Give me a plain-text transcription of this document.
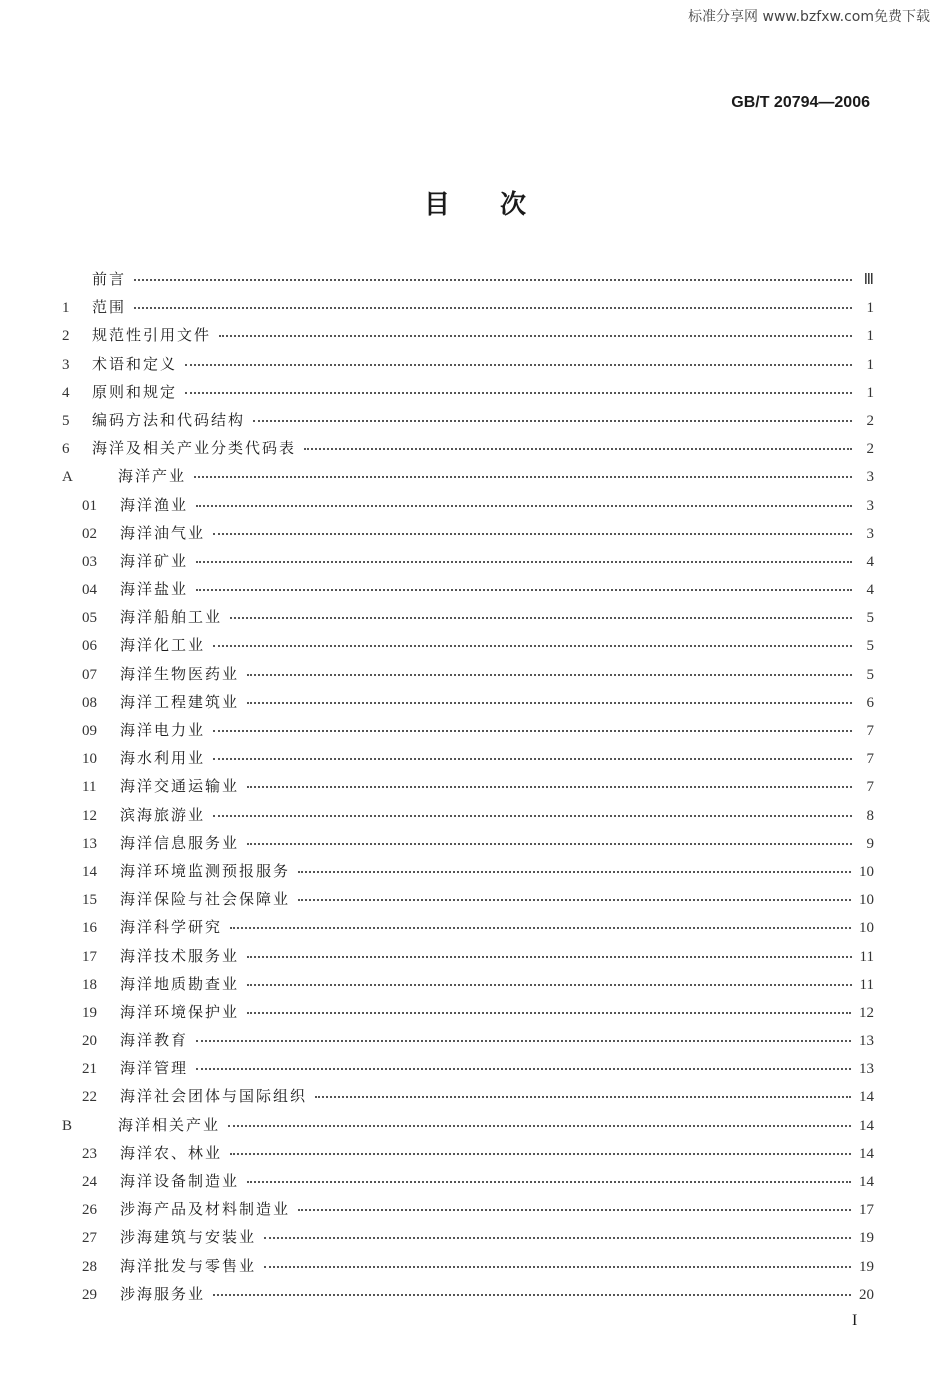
标准分享网 www.bzfxw.com免费下载
GB/T 20794—2006
目次
前言	Ⅲ
1	范围	1
2	规范性引用文件	1
3	术语和定义	1
4	原则和规定	1
5	编码方法和代码结构	2
6	海洋及相关产业分类代码表	2
A	海洋产业	3
01	海洋渔业	3
02	海洋油气业	3
03	海洋矿业	4
04	海洋盐业	4
05	海洋船舶工业	5
06	海洋化工业	5
07	海洋生物医药业	5
08	海洋工程建筑业	6
09	海洋电力业	7
10	海水利用业	7
11	海洋交通运输业	7
12	滨海旅游业	8
13	海洋信息服务业	9
14	海洋环境监测预报服务	10
15	海洋保险与社会保障业	10
16	海洋科学研究	10
17	海洋技术服务业	11
18	海洋地质勘查业	11
19	海洋环境保护业	12
20	海洋教育	13
21	海洋管理	13
22	海洋社会团体与国际组织	14
B	海洋相关产业	14
23	海洋农、林业	14
24	海洋设备制造业	14
26	涉海产品及材料制造业	17
27	涉海建筑与安装业	19
28	海洋批发与零售业	19
29	涉海服务业	20
I
